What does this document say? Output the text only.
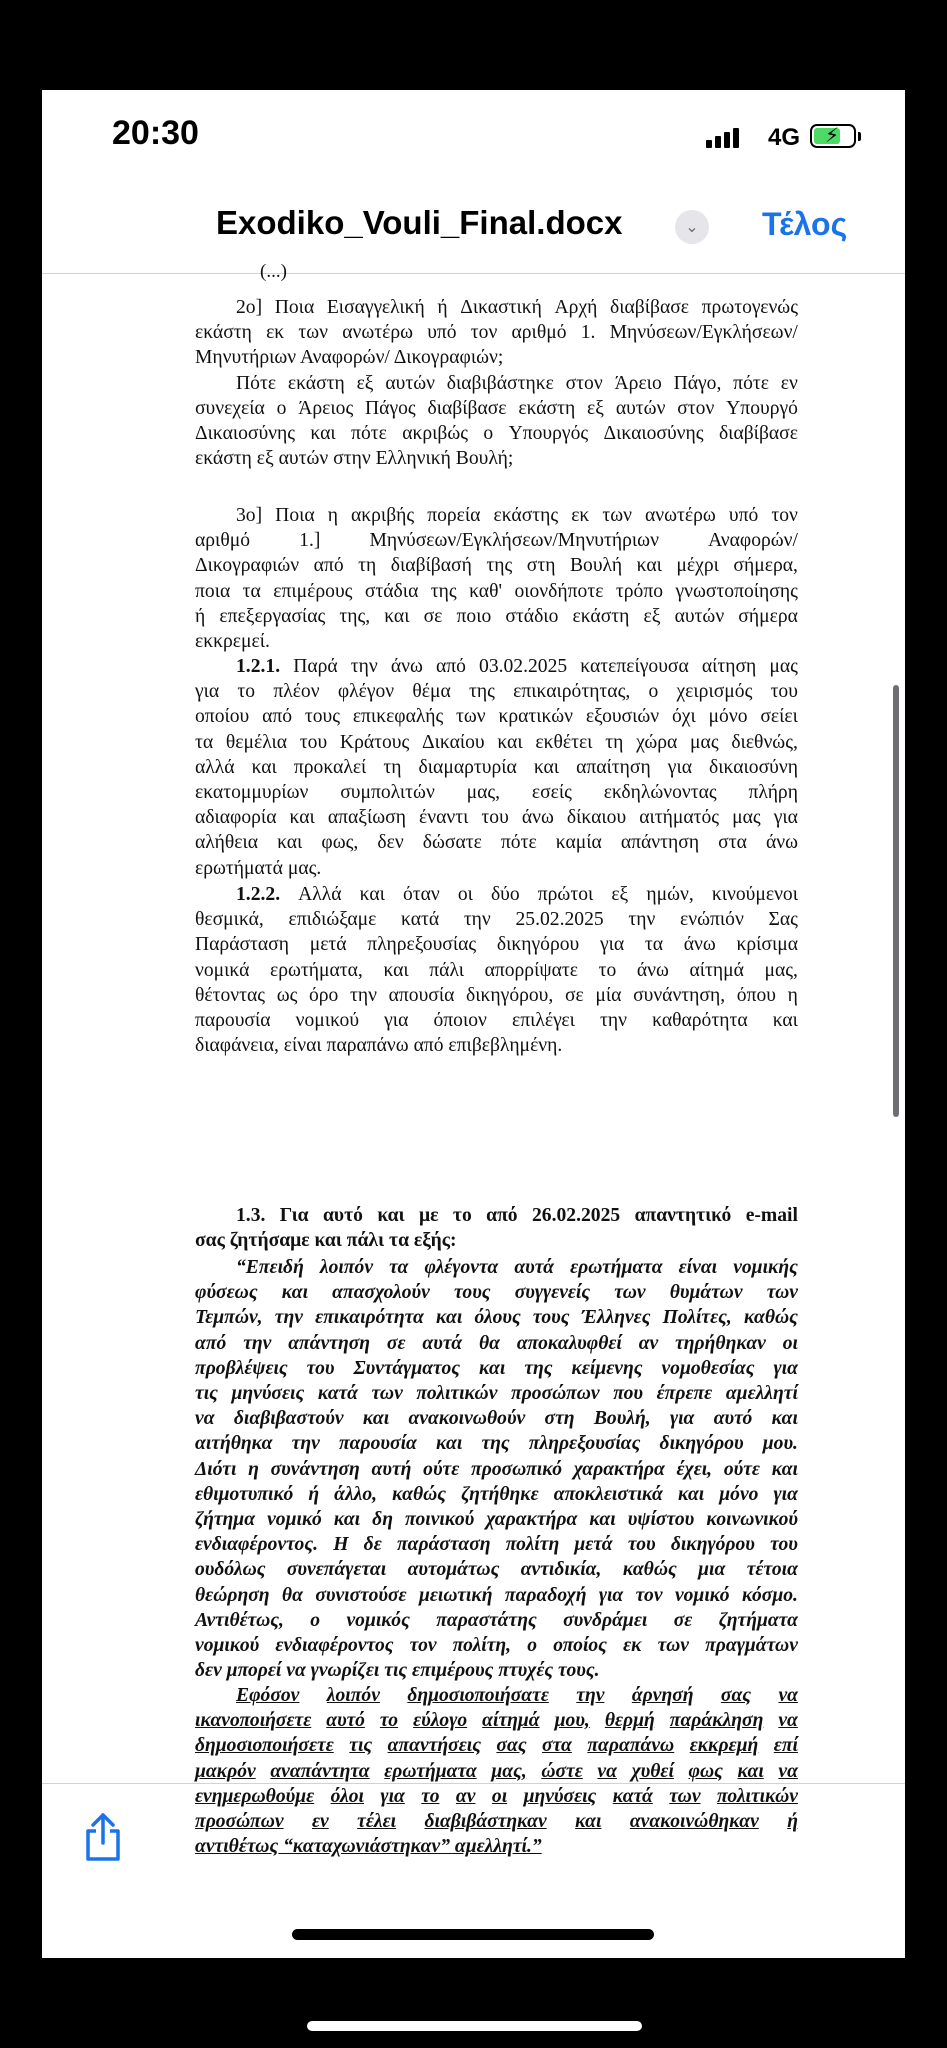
20:30	4G ⚡
Exodiko_Vouli_Final.docx	⌄	Τέλος
(...)
2ο] Ποια Εισαγγελική ή Δικαστική Αρχή διαβίβασε πρωτογενώς
εκάστη εκ των ανωτέρω υπό τον αριθμό 1. Μηνύσεων/Εγκλήσεων/
Μηνυτήριων Αναφορών/ Δικογραφιών;
Πότε εκάστη εξ αυτών διαβιβάστηκε στον Άρειο Πάγο, πότε εν
συνεχεία ο Άρειος Πάγος διαβίβασε εκάστη εξ αυτών στον Υπουργό
Δικαιοσύνης και πότε ακριβώς ο Υπουργός Δικαιοσύνης διαβίβασε
εκάστη εξ αυτών στην Ελληνική Βουλή;
3ο] Ποια η ακριβής πορεία εκάστης εκ των ανωτέρω υπό τον
αριθμό	1.]	Μηνύσεων/Εγκλήσεων/Μηνυτήριων	Αναφορών/
Δικογραφιών από τη διαβίβασή της στη Βουλή και μέχρι σήμερα,
ποια τα επιμέρους στάδια της καθ' οιονδήποτε τρόπο γνωστοποίησης
ή επεξεργασίας της, και σε ποιο στάδιο εκάστη εξ αυτών σήμερα
εκκρεμεί.
1.2.1. Παρά την άνω από 03.02.2025 κατεπείγουσα αίτηση μας
για το πλέον φλέγον θέμα της επικαιρότητας, ο χειρισμός του
οποίου από τους επικεφαλής των κρατικών εξουσιών όχι μόνο σείει
τα θεμέλια του Κράτους Δικαίου και εκθέτει τη χώρα μας διεθνώς,
αλλά και προκαλεί τη διαμαρτυρία και απαίτηση για δικαιοσύνη
εκατομμυρίων συμπολιτών μας, εσείς εκδηλώνοντας πλήρη
αδιαφορία και απαξίωση έναντι του άνω δίκαιου αιτήματός μας για
αλήθεια και φως, δεν δώσατε πότε καμία απάντηση στα άνω
ερωτήματά μας.
1.2.2. Αλλά και όταν οι δύο πρώτοι εξ ημών, κινούμενοι
θεσμικά, επιδιώξαμε κατά την 25.02.2025 την ενώπιόν Σας
Παράσταση μετά πληρεξουσίας δικηγόρου για τα άνω κρίσιμα
νομικά ερωτήματα, και πάλι απορρίψατε το άνω αίτημά μας,
θέτοντας ως όρο την απουσία δικηγόρου, σε μία συνάντηση, όπου η
παρουσία νομικού για όποιον επιλέγει την καθαρότητα και
διαφάνεια, είναι παραπάνω από επιβεβλημένη.
1.3. Για αυτό και με το από 26.02.2025 απαντητικό e-mail
σας ζητήσαμε και πάλι τα εξής:
“Επειδή λοιπόν τα φλέγοντα αυτά ερωτήματα είναι νομικής
φύσεως και απασχολούν τους συγγενείς των θυμάτων των
Τεμπών, την επικαιρότητα και όλους τους Έλληνες Πολίτες, καθώς
από την απάντηση σε αυτά θα αποκαλυφθεί αν τηρήθηκαν οι
προβλέψεις του Συντάγματος και της κείμενης νομοθεσίας για
τις μηνύσεις κατά των πολιτικών προσώπων που έπρεπε αμελλητί
να διαβιβαστούν και ανακοινωθούν στη Βουλή, για αυτό και
αιτήθηκα την παρουσία και της πληρεξουσίας δικηγόρου μου.
Διότι η συνάντηση αυτή ούτε προσωπικό χαρακτήρα έχει, ούτε και
εθιμοτυπικό ή άλλο, καθώς ζητήθηκε αποκλειστικά και μόνο για
ζήτημα νομικό και δη ποινικού χαρακτήρα και υψίστου κοινωνικού
ενδιαφέροντος. Η δε παράσταση πολίτη μετά του δικηγόρου του
ουδόλως συνεπάγεται αυτομάτως αντιδικία, καθώς μια τέτοια
θεώρηση θα συνιστούσε μειωτική παραδοχή για τον νομικό κόσμο.
Αντιθέτως, ο νομικός παραστάτης συνδράμει σε ζητήματα
νομικού ενδιαφέροντος τον πολίτη, ο οποίος εκ των πραγμάτων
δεν μπορεί να γνωρίζει τις επιμέρους πτυχές τους.
Εφόσον λοιπόν δημοσιοποιήσατε την άρνησή σας να
ικανοποιήσετε αυτό το εύλογο αίτημά μου, θερμή παράκληση να
δημοσιοποιήσετε τις απαντήσεις σας στα παραπάνω εκκρεμή επί
μακρόν αναπάντητα ερωτήματα μας, ώστε να χυθεί φως και να
ενημερωθούμε όλοι για το αν οι μηνύσεις κατά των πολιτικών
προσώπων εν τέλει διαβιβάστηκαν και ανακοινώθηκαν ή
αντιθέτως “καταχωνιάστηκαν” αμελλητί.”
